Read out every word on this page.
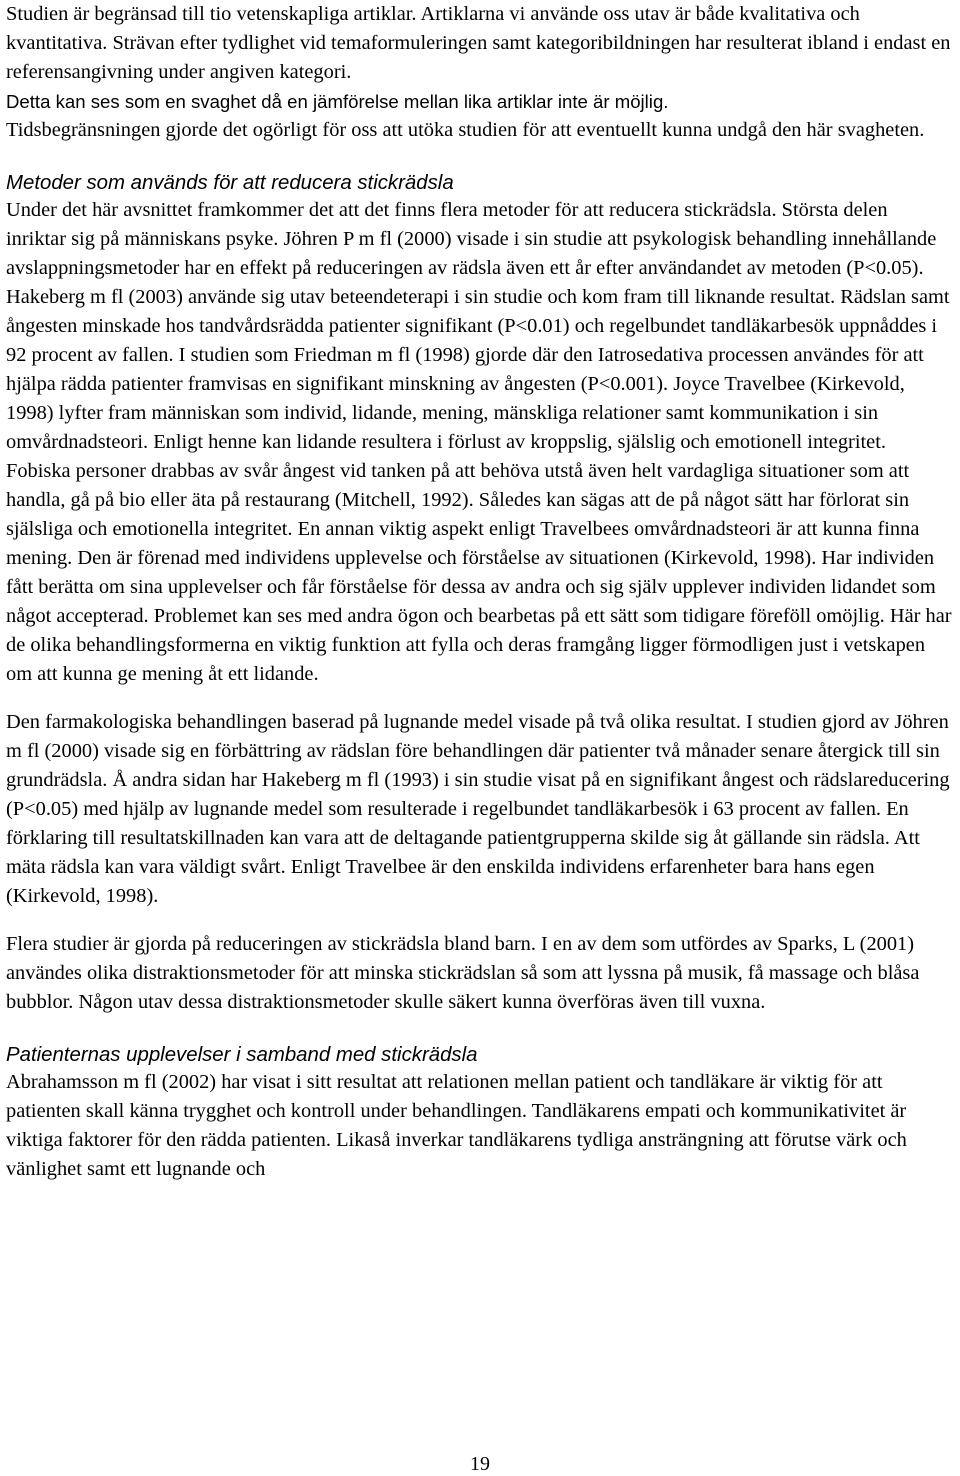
Studien är begränsad till tio vetenskapliga artiklar. Artiklarna vi använde oss utav är både kvalitativa och kvantitativa. Strävan efter tydlighet vid temaformuleringen samt kategoribildningen har resulterat ibland i endast en referensangivning under angiven kategori.

Detta kan ses som en svaghet då en jämförelse mellan lika artiklar inte är möjlig.

Tidsbegränsningen gjorde det ogörligt för oss att utöka studien för att eventuellt kunna undgå den här svagheten.

Metoder som används för att reducera stickrädsla

Under det här avsnittet framkommer det att det finns flera metoder för att reducera stickrädsla. Största delen inriktar sig på människans psyke. Jöhren P m fl (2000) visade i sin studie att psykologisk behandling innehållande avslappningsmetoder har en effekt på reduceringen av rädsla även ett år efter användandet av metoden (P<0.05). Hakeberg m fl (2003) använde sig utav beteendeterapi i sin studie och kom fram till liknande resultat. Rädslan samt ångesten minskade hos tandvårdsrädda patienter signifikant (P<0.01) och regelbundet tandläkarbesök uppnåddes i 92 procent av fallen. I studien som Friedman m fl (1998) gjorde där den Iatrosedativa processen användes för att hjälpa rädda patienter framvisas en signifikant minskning av ångesten (P<0.001). Joyce Travelbee (Kirkevold, 1998) lyfter fram människan som individ, lidande, mening, mänskliga relationer samt kommunikation i sin omvårdnadsteori. Enligt henne kan lidande resultera i förlust av kroppslig, själslig och emotionell integritet. Fobiska personer drabbas av svår ångest vid tanken på att behöva utstå även helt vardagliga situationer som att handla, gå på bio eller äta på restaurang (Mitchell, 1992). Således kan sägas att de på något sätt har förlorat sin själsliga och emotionella integritet. En annan viktig aspekt enligt Travelbees omvårdnadsteori är att kunna finna mening. Den är förenad med individens upplevelse och förståelse av situationen (Kirkevold, 1998). Har individen fått berätta om sina upplevelser och får förståelse för dessa av andra och sig själv upplever individen lidandet som något accepterad. Problemet kan ses med andra ögon och bearbetas på ett sätt som tidigare föreföll omöjlig. Här har de olika behandlingsformerna en viktig funktion att fylla och deras framgång ligger förmodligen just i vetskapen om att kunna ge mening åt ett lidande.

Den farmakologiska behandlingen baserad på lugnande medel visade på två olika resultat. I studien gjord av Jöhren m fl (2000) visade sig en förbättring av rädslan före behandlingen där patienter två månader senare återgick till sin grundrädsla. Å andra sidan har Hakeberg m fl (1993) i sin studie visat på en signifikant ångest och rädslareducering (P<0.05) med hjälp av lugnande medel som resulterade i regelbundet tandläkarbesök i 63 procent av fallen. En förklaring till resultatskillnaden kan vara att de deltagande patientgrupperna skilde sig åt gällande sin rädsla. Att mäta rädsla kan vara väldigt svårt. Enligt Travelbee är den enskilda individens erfarenheter bara hans egen (Kirkevold, 1998).

Flera studier är gjorda på reduceringen av stickrädsla bland barn. I en av dem som utfördes av Sparks, L (2001) användes olika distraktionsmetoder för att minska stickrädslan så som att lyssna på musik, få massage och blåsa bubblor. Någon utav dessa distraktionsmetoder skulle säkert kunna överföras även till vuxna.

Patienternas upplevelser i samband med stickrädsla

Abrahamsson m fl (2002) har visat i sitt resultat att relationen mellan patient och tandläkare är viktig för att patienten skall känna trygghet och kontroll under behandlingen. Tandläkarens empati och kommunikativitet är viktiga faktorer för den rädda patienten. Likaså inverkar tandläkarens tydliga ansträngning att förutse värk och vänlighet samt ett lugnande och

19
